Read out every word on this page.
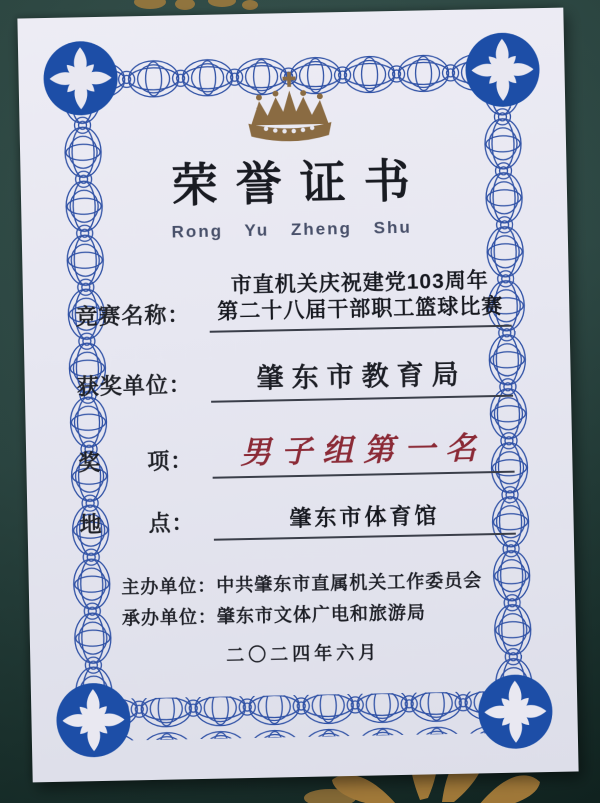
荣誉证书
Rong Yu Zheng Shu
竞赛名称：
市直机关庆祝建党103周年
第二十八届干部职工篮球比赛
获奖单位：	肇东市教育局
奖　　项：	男子组第一名
地　　点：	肇东市体育馆
主办单位：中共肇东市直属机关工作委员会
承办单位：肇东市文体广电和旅游局
二〇二四年六月
